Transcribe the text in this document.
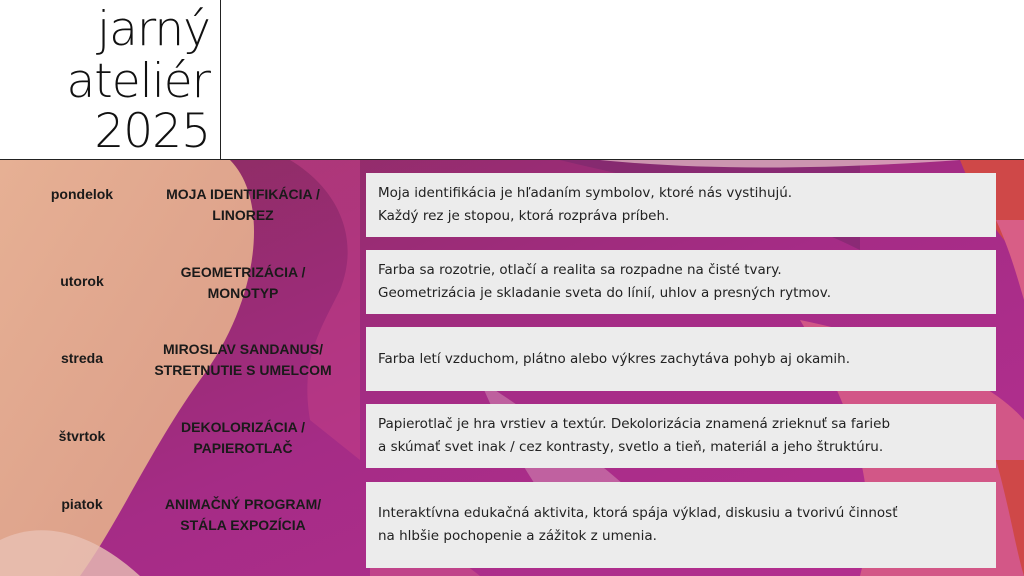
jarný
ateliér
2025
pondelok	MOJA IDENTIFIKÁCIA /
LINOREZ
Moja identifikácia je hľadaním symbolov, ktoré nás vystihujú.
Každý rez je stopou, ktorá rozpráva príbeh.
utorok
GEOMETRIZÁCIA /
MONOTYP
Farba sa rozotrie, otlačí a realita sa rozpadne na čisté tvary.
Geometrizácia je skladanie sveta do línií, uhlov a presných rytmov.
streda
MIROSLAV SANDANUS/
STRETNUTIE S UMELCOM
Farba letí vzduchom, plátno alebo výkres zachytáva pohyb aj okamih.
štvrtok
DEKOLORIZÁCIA /
PAPIEROTLAČ
Papierotlač je hra vrstiev a textúr. Dekolorizácia znamená zrieknuť sa farieb
a skúmať svet inak / cez kontrasty, svetlo a tieň, materiál a jeho štruktúru.
piatok	ANIMAČNÝ PROGRAM/
STÁLA EXPOZÍCIA
Interaktívna edukačná aktivita, ktorá spája výklad, diskusiu a tvorivú činnosť
na hlbšie pochopenie a zážitok z umenia.
